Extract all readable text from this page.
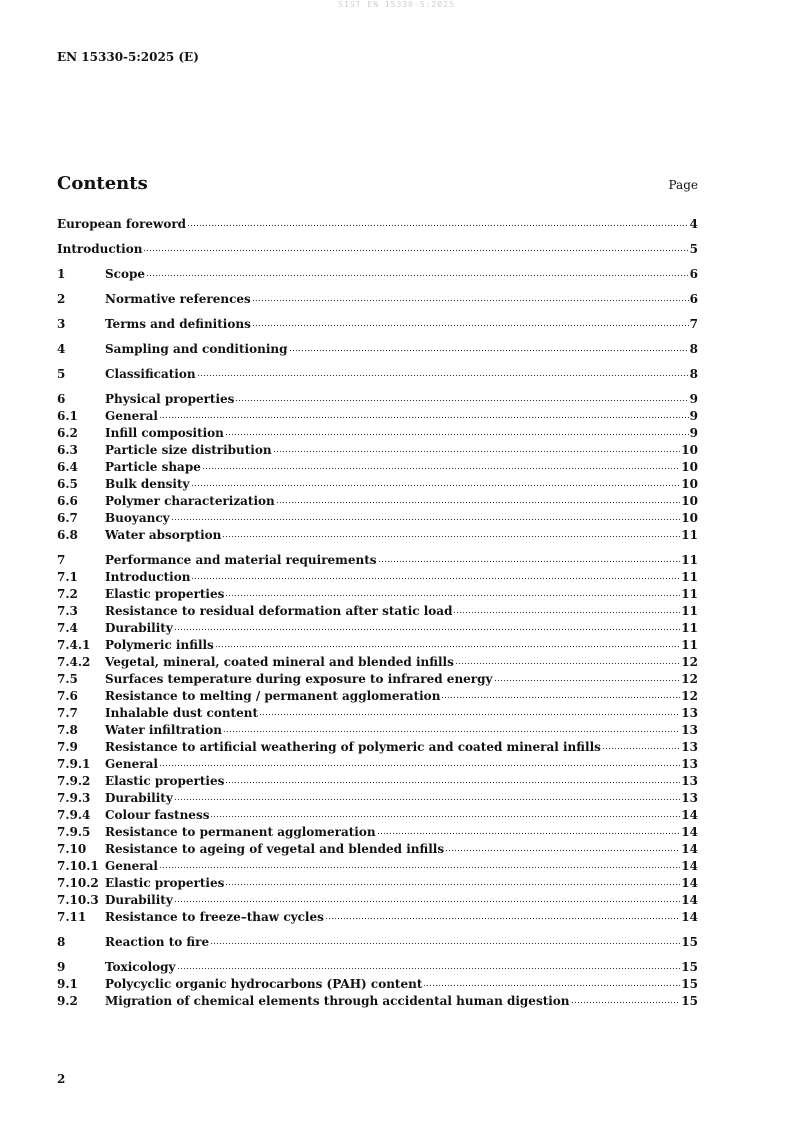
SIST EN 15330-5:2025
EN 15330-5:2025 (E)
Contents	Page
European foreword	4
Introduction	5
1	Scope	6
2	Normative references	6
3	Terms and definitions	7
4	Sampling and conditioning	8
5	Classification	8
6	Physical properties	9
6.1	General	9
6.2	Infill composition	9
6.3	Particle size distribution	10
6.4	Particle shape	10
6.5	Bulk density	10
6.6	Polymer characterization	10
6.7	Buoyancy	10
6.8	Water absorption	11
7	Performance and material requirements	11
7.1	Introduction	11
7.2	Elastic properties	11
7.3	Resistance to residual deformation after static load	11
7.4	Durability	11
7.4.1	Polymeric infills	11
7.4.2	Vegetal, mineral, coated mineral and blended infills	12
7.5	Surfaces temperature during exposure to infrared energy	12
7.6	Resistance to melting / permanent agglomeration	12
7.7	Inhalable dust content	13
7.8	Water infiltration	13
7.9	Resistance to artificial weathering of polymeric and coated mineral infills	13
7.9.1	General	13
7.9.2	Elastic properties	13
7.9.3	Durability	13
7.9.4	Colour fastness	14
7.9.5	Resistance to permanent agglomeration	14
7.10	Resistance to ageing of vegetal and blended infills	14
7.10.1 General	14
7.10.2 Elastic properties	14
7.10.3 Durability	14
7.11	Resistance to freeze–thaw cycles	14
8	Reaction to fire	15
9	Toxicology	15
9.1	Polycyclic organic hydrocarbons (PAH) content	15
9.2	Migration of chemical elements through accidental human digestion	15
2
